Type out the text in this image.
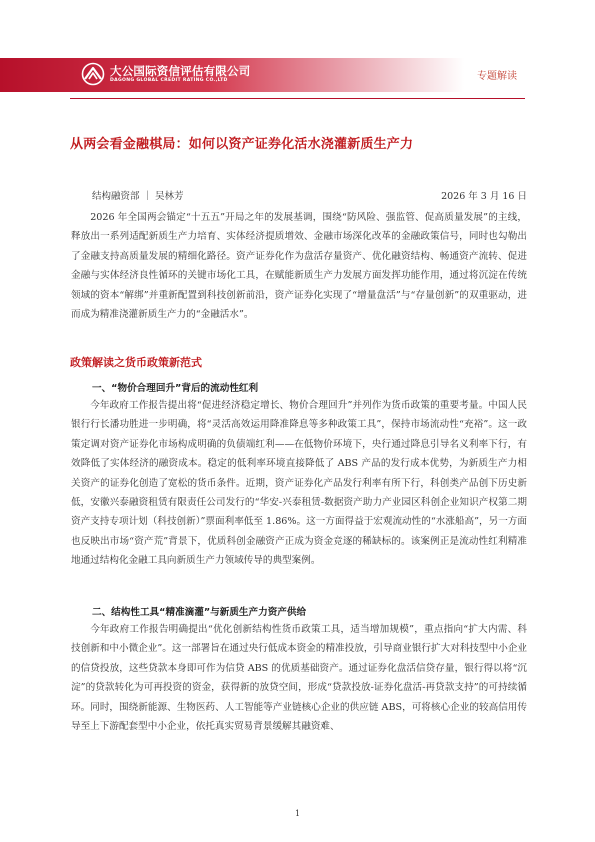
大公国际资信评估有限公司
DAGONG GLOBAL CREDIT RATING CO.,LTD	专题解读
从两会看金融棋局：如何以资产证券化活水浇灌新质生产力
结构融资部 ｜ 吴林芳	2026 年 3 月 16 日

2026 年全国两会锚定“十五五”开局之年的发展基调，围绕“防风险、强监管、促高质量发展”的主线，释放出一系列适配新质生产力培育、实体经济提质增效、金融市场深化改革的金融政策信号，同时也勾勒出了金融支持高质量发展的精细化路径。资产证券化作为盘活存量资产、优化融资结构、畅通资产流转、促进金融与实体经济良性循环的关键市场化工具，在赋能新质生产力发展方面发挥功能作用，通过将沉淀在传统领域的资本“解绑”并重新配置到科技创新前沿，资产证券化实现了“增量盘活”与“存量创新”的双重驱动，进而成为精准浇灌新质生产力的“金融活水”。

政策解读之货币政策新范式
一、“物价合理回升”背后的流动性红利

今年政府工作报告提出将“促进经济稳定增长、物价合理回升”并列作为货币政策的重要考量。中国人民银行行长潘功胜进一步明确，将“灵活高效运用降准降息等多种政策工具”，保持市场流动性“充裕”。这一政策定调对资产证券化市场构成明确的负债端红利——在低物价环境下，央行通过降息引导名义利率下行，有效降低了实体经济的融资成本。稳定的低利率环境直接降低了 ABS 产品的发行成本优势，为新质生产力相关资产的证券化创造了宽松的货币条件。近期，资产证券化产品发行利率有所下行，科创类产品创下历史新低，安徽兴泰融资租赁有限责任公司发行的“华安-兴泰租赁-数据资产助力产业园区科创企业知识产权第二期资产支持专项计划（科技创新）”票面利率低至 1.86%。这一方面得益于宏观流动性的“水涨船高”，另一方面也反映出市场“资产荒”背景下，优质科创金融资产正成为资金竞逐的稀缺标的。该案例正是流动性红利精准地通过结构化金融工具向新质生产力领域传导的典型案例。

二、结构性工具“精准滴灌”与新质生产力资产供给

今年政府工作报告明确提出“优化创新结构性货币政策工具，适当增加规模”，重点指向“扩大内需、科技创新和中小微企业”。这一部署旨在通过央行低成本资金的精准投放，引导商业银行扩大对科技型中小企业的信贷投放，这些贷款本身即可作为信贷 ABS 的优质基础资产。通过证券化盘活信贷存量，银行得以将“沉淀”的贷款转化为可再投资的资金，获得新的放贷空间，形成“贷款投放-证券化盘活-再贷款支持”的可持续循环。同时，围绕新能源、生物医药、人工智能等产业链核心企业的供应链 ABS，可将核心企业的较高信用传导至上下游配套型中小企业，依托真实贸易背景缓解其融资难、

1
